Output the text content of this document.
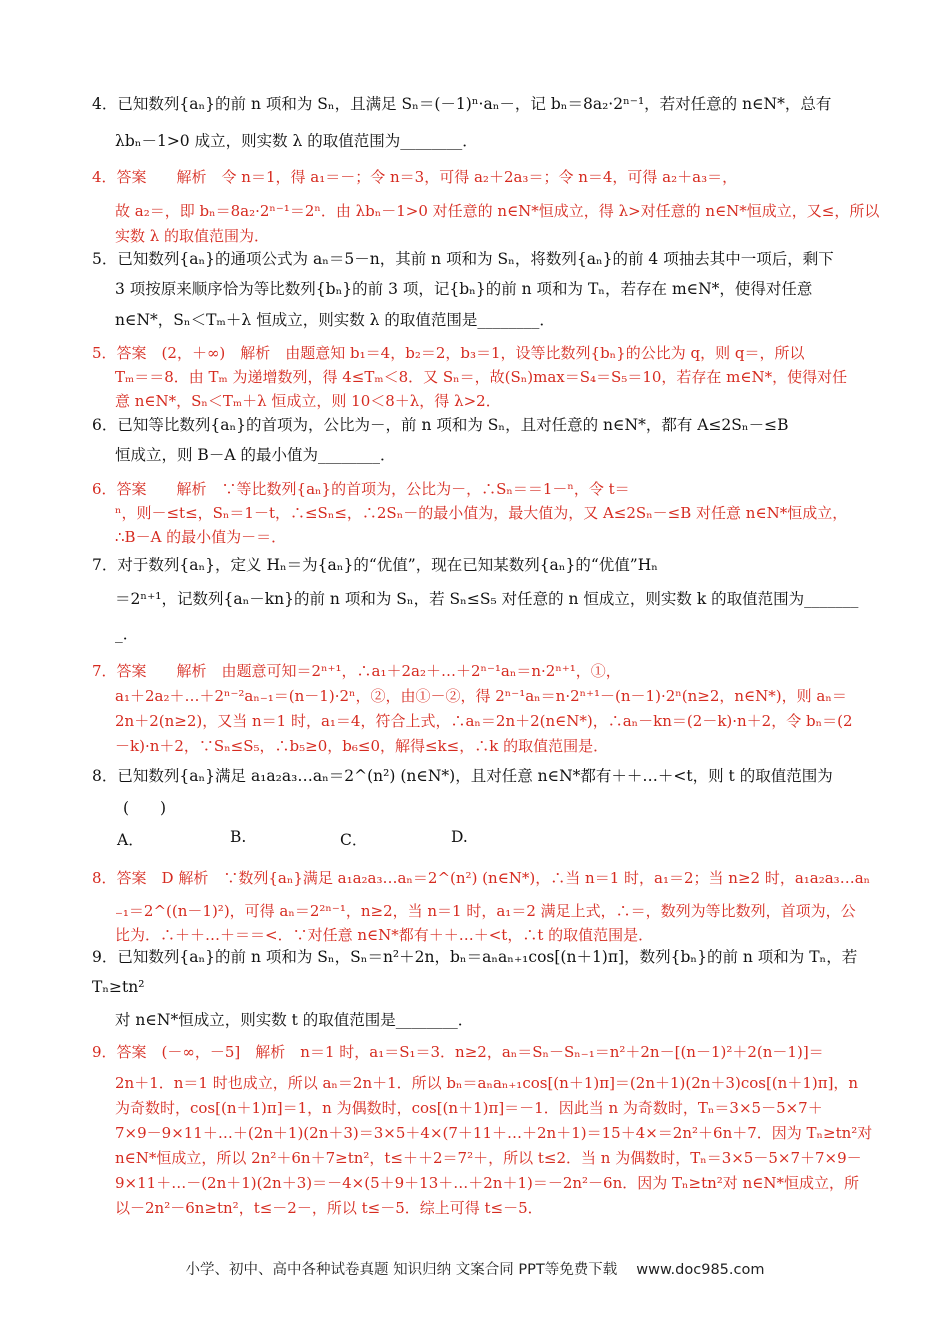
4．已知数列{aₙ}的前 n 项和为 Sₙ，且满足 Sₙ＝(－1)ⁿ·aₙ－，记 bₙ＝8a₂·2ⁿ⁻¹，若对任意的 n∈N*，总有
λbₙ－1>0 成立，则实数 λ 的取值范围为________．
4．答案　　解析　令 n＝1，得 a₁＝－；令 n＝3，可得 a₂＋2a₃＝；令 n＝4，可得 a₂＋a₃＝，
故 a₂＝，即 bₙ＝8a₂·2ⁿ⁻¹＝2ⁿ．由 λbₙ－1>0 对任意的 n∈N*恒成立，得 λ>对任意的 n∈N*恒成立，又≤，所以
实数 λ 的取值范围为．
5．已知数列{aₙ}的通项公式为 aₙ＝5－n，其前 n 项和为 Sₙ，将数列{aₙ}的前 4 项抽去其中一项后，剩下
3 项按原来顺序恰为等比数列{bₙ}的前 3 项，记{bₙ}的前 n 项和为 Tₙ，若存在 m∈N*，使得对任意
n∈N*，Sₙ＜Tₘ＋λ 恒成立，则实数 λ 的取值范围是________．
5．答案　(2，＋∞)　解析　由题意知 b₁＝4，b₂＝2，b₃＝1，设等比数列{bₙ}的公比为 q，则 q＝，所以
Tₘ＝＝8．由 Tₘ 为递增数列，得 4≤Tₘ＜8．又 Sₙ＝，故(Sₙ)max＝S₄＝S₅＝10，若存在 m∈N*，使得对任
意 n∈N*，Sₙ＜Tₘ＋λ 恒成立，则 10＜8＋λ，得 λ>2．
6．已知等比数列{aₙ}的首项为，公比为－，前 n 项和为 Sₙ，且对任意的 n∈N*，都有 A≤2Sₙ－≤B
恒成立，则 B－A 的最小值为________．
6．答案　　解析　∵等比数列{aₙ}的首项为，公比为－，∴Sₙ＝＝1－ⁿ，令 t＝
ⁿ，则－≤t≤，Sₙ＝1－t，∴≤Sₙ≤，∴2Sₙ－的最小值为，最大值为，又 A≤2Sₙ－≤B 对任意 n∈N*恒成立，
∴B－A 的最小值为－＝．
7．对于数列{aₙ}，定义 Hₙ＝为{aₙ}的“优值”，现在已知某数列{aₙ}的“优值”Hₙ
＝2ⁿ⁺¹，记数列{aₙ－kn}的前 n 项和为 Sₙ，若 Sₙ≤S₅ 对任意的 n 恒成立，则实数 k 的取值范围为_______
_．
7．答案　　解析　由题意可知＝2ⁿ⁺¹，∴a₁＋2a₂＋…＋2ⁿ⁻¹aₙ＝n·2ⁿ⁺¹，①，
a₁＋2a₂＋…＋2ⁿ⁻²aₙ₋₁＝(n－1)·2ⁿ，②，由①－②，得 2ⁿ⁻¹aₙ＝n·2ⁿ⁺¹－(n－1)·2ⁿ(n≥2，n∈N*)，则 aₙ＝
2n＋2(n≥2)，又当 n＝1 时，a₁＝4，符合上式，∴aₙ＝2n＋2(n∈N*)，∴aₙ－kn＝(2－k)·n＋2，令 bₙ＝(2
－k)·n＋2，∵Sₙ≤S₅，∴b₅≥0，b₆≤0，解得≤k≤，∴k 的取值范围是．
8．已知数列{aₙ}满足 a₁a₂a₃…aₙ＝2^(n²) (n∈N*)，且对任意 n∈N*都有＋＋…＋<t，则 t 的取值范围为
(　　)
A．	B.	C．	D.
8．答案　D 解析　∵数列{aₙ}满足 a₁a₂a₃…aₙ＝2^(n²) (n∈N*)，∴当 n＝1 时，a₁＝2；当 n≥2 时，a₁a₂a₃…aₙ
₋₁＝2^((n－1)²)，可得 aₙ＝2²ⁿ⁻¹，n≥2，当 n＝1 时，a₁＝2 满足上式，∴＝，数列为等比数列，首项为，公
比为．∴＋＋…＋＝＝<．∵对任意 n∈N*都有＋＋…＋<t，∴t 的取值范围是．
9．已知数列{aₙ}的前 n 项和为 Sₙ，Sₙ＝n²＋2n，bₙ＝aₙaₙ₊₁cos[(n＋1)π]，数列{bₙ}的前 n 项和为 Tₙ，若
Tₙ≥tn²
对 n∈N*恒成立，则实数 t 的取值范围是________．
9．答案　(－∞，－5]　解析　n＝1 时，a₁＝S₁＝3．n≥2，aₙ＝Sₙ－Sₙ₋₁＝n²＋2n－[(n－1)²＋2(n－1)]＝
2n＋1．n＝1 时也成立，所以 aₙ＝2n＋1．所以 bₙ＝aₙaₙ₊₁cos[(n＋1)π]＝(2n＋1)(2n＋3)cos[(n＋1)π]，n
为奇数时，cos[(n＋1)π]＝1，n 为偶数时，cos[(n＋1)π]＝－1．因此当 n 为奇数时，Tₙ＝3×5－5×7＋
7×9－9×11＋…＋(2n＋1)(2n＋3)＝3×5＋4×(7＋11＋…＋2n＋1)＝15＋4×＝2n²＋6n＋7．因为 Tₙ≥tn²对
n∈N*恒成立，所以 2n²＋6n＋7≥tn²，t≤＋＋2＝7²＋，所以 t≤2．当 n 为偶数时，Tₙ＝3×5－5×7＋7×9－
9×11＋…－(2n＋1)(2n＋3)＝－4×(5＋9＋13＋…＋2n＋1)＝－2n²－6n．因为 Tₙ≥tn²对 n∈N*恒成立，所
以－2n²－6n≥tn²，t≤－2－，所以 t≤－5．综上可得 t≤－5．
小学、初中、高中各种试卷真题 知识归纳 文案合同 PPT等免费下载　 www.doc985.com
